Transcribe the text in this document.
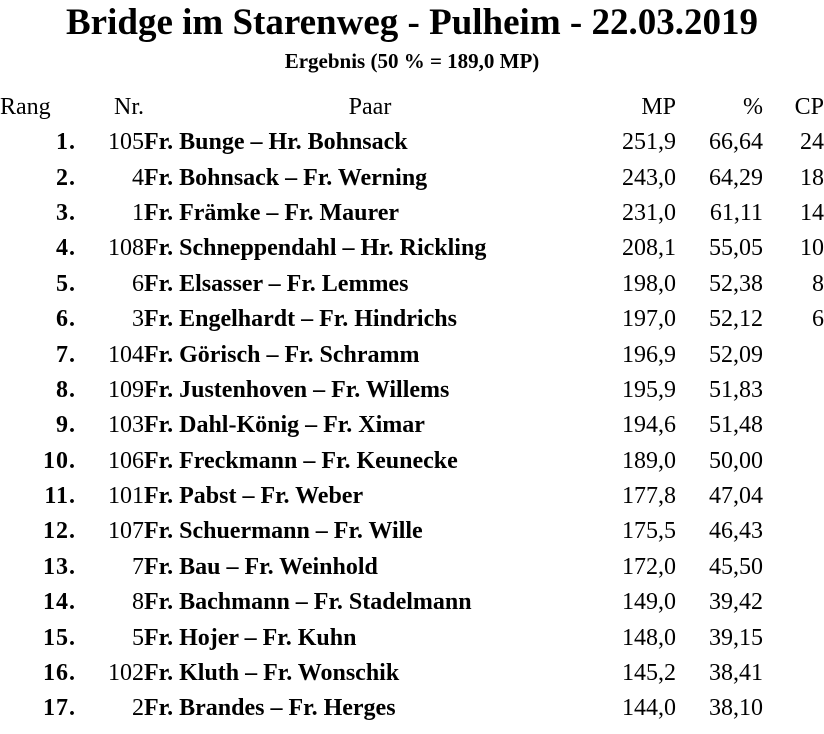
Bridge im Starenweg - Pulheim - 22.03.2019
Ergebnis (50 % = 189,0 MP)
Rang	Nr.	Paar	MP	%	CP
1.	105	Fr. Bunge – Hr. Bohnsack	251,9	66,64	24
2.	4	Fr. Bohnsack – Fr. Werning	243,0	64,29	18
3.	1	Fr. Främke – Fr. Maurer	231,0	61,11	14
4.	108	Fr. Schneppendahl – Hr. Rickling	208,1	55,05	10
5.	6	Fr. Elsasser – Fr. Lemmes	198,0	52,38	8
6.	3	Fr. Engelhardt – Fr. Hindrichs	197,0	52,12	6
7.	104	Fr. Görisch – Fr. Schramm	196,9	52,09	
8.	109	Fr. Justenhoven – Fr. Willems	195,9	51,83	
9.	103	Fr. Dahl-König – Fr. Ximar	194,6	51,48	
10.	106	Fr. Freckmann – Fr. Keunecke	189,0	50,00	
11.	101	Fr. Pabst – Fr. Weber	177,8	47,04	
12.	107	Fr. Schuermann – Fr. Wille	175,5	46,43	
13.	7	Fr. Bau – Fr. Weinhold	172,0	45,50	
14.	8	Fr. Bachmann – Fr. Stadelmann	149,0	39,42	
15.	5	Fr. Hojer – Fr. Kuhn	148,0	39,15	
16.	102	Fr. Kluth – Fr. Wonschik	145,2	38,41	
17.	2	Fr. Brandes – Fr. Herges	144,0	38,10	
